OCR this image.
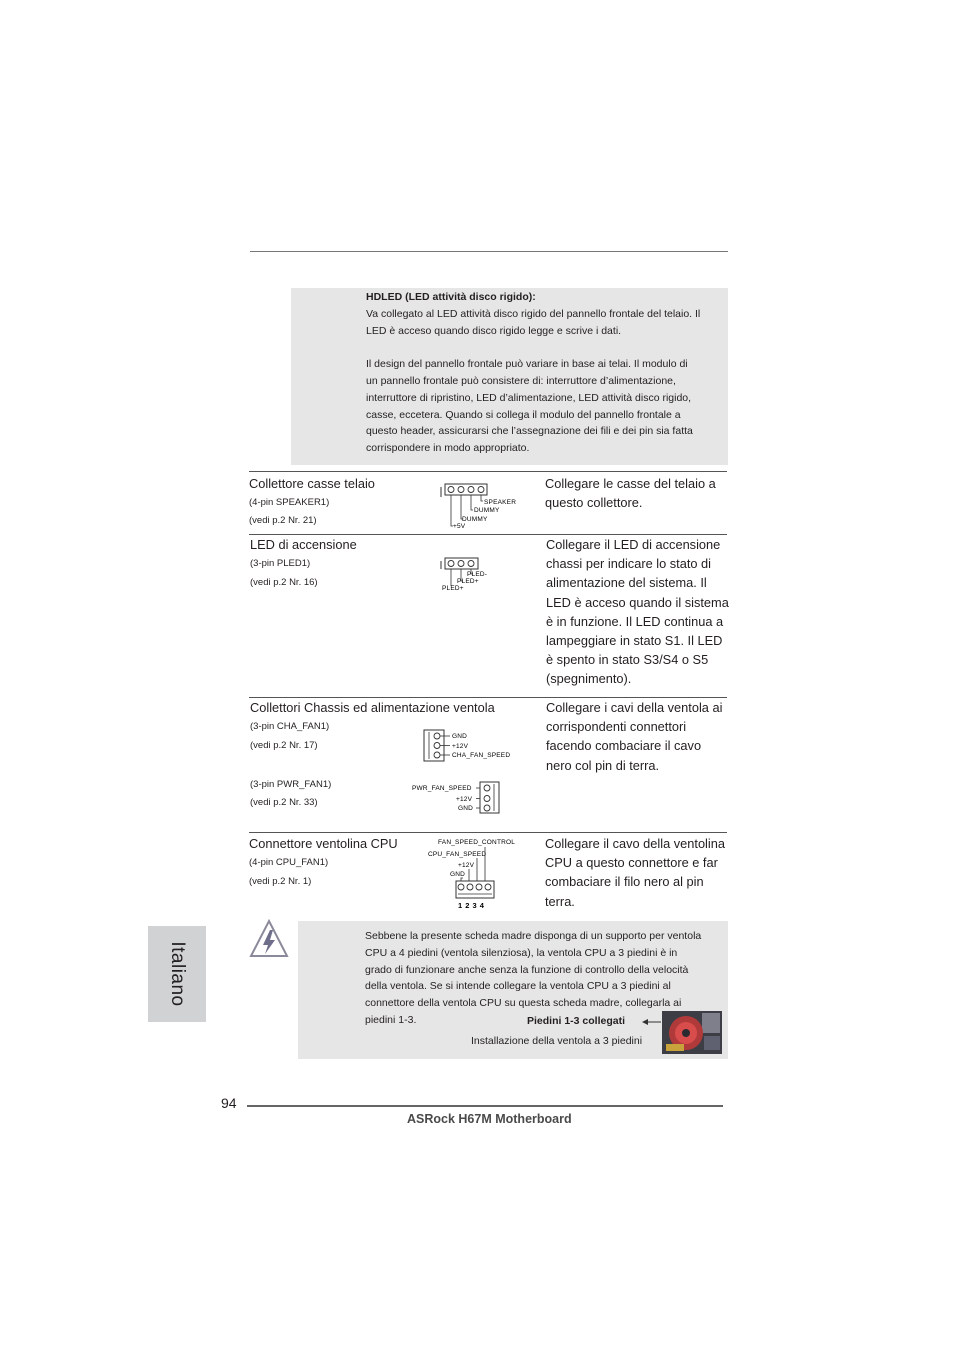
HDLED (LED attività disco rigido):
Va collegato al LED attività disco rigido del pannello frontale del telaio. Il
LED è acceso quando disco rigido legge e scrive i dati.
Il design del pannello frontale può variare in base ai telai. Il modulo di
un pannello frontale può consistere di: interruttore d’alimentazione,
interruttore di ripristino, LED d’alimentazione, LED attività disco rigido,
casse, eccetera. Quando si collega il modulo del pannello frontale a
questo header, assicurarsi che l’assegnazione dei fili e dei pin sia fatta
corrispondere in modo appropriato.
Collettore casse telaio
(4-pin SPEAKER1)
(vedi p.2 Nr. 21)
SPEAKER
DUMMY
DUMMY
+5V
Collegare le casse del telaio a
questo collettore.
LED di accensione
(3-pin PLED1)
(vedi p.2 Nr. 16)
PLED-
PLED+
PLED+
Collegare il LED di accensione
chassi per indicare lo stato di
alimentazione del sistema. Il
LED è acceso quando il sistema
è in funzione. Il LED continua a
lampeggiare in stato S1. Il LED
è spento in stato S3/S4 o S5
(spegnimento).
Collettori Chassis ed alimentazione ventola
(3-pin CHA_FAN1)
(vedi p.2 Nr. 17)
(3-pin PWR_FAN1)
(vedi p.2 Nr. 33)
GND
+12V
CHA_FAN_SPEED
PWR_FAN_SPEED
+12V
GND
Collegare i cavi della ventola ai
corrispondenti connettori
facendo combaciare il cavo
nero col pin di terra.
Connettore ventolina CPU
(4-pin CPU_FAN1)
(vedi p.2 Nr. 1)
FAN_SPEED_CONTROL
CPU_FAN_SPEED
+12V
GND
1 2 3 4
Collegare il cavo della ventolina
CPU a questo connettore e far
combaciare il filo nero al pin
terra.
Sebbene la presente scheda madre disponga di un supporto per ventola
CPU a 4 piedini (ventola silenziosa), la ventola CPU a 3 piedini è in
grado di funzionare anche senza la funzione di controllo della velocità
della ventola. Se si intende collegare la ventola CPU a 3 piedini al
connettore della ventola CPU su questa scheda madre, collegarla ai
piedini 1-3.	Piedini 1-3 collegati
Installazione della ventola a 3 piedini
Italiano
94
ASRock H67M Motherboard
